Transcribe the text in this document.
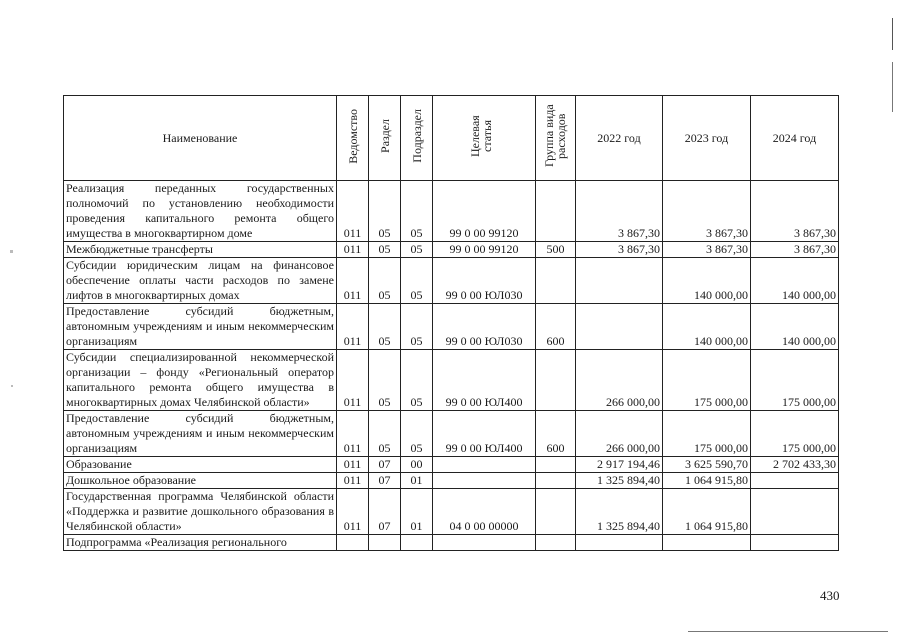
Наименование	Ведомство	Раздел	Подраздел	Целевая статья	Группа вида расходов	2022 год	2023 год	2024 год
Реализация переданных государственных полномочий по установлению необходимости проведения капитального ремонта общего имущества в многоквартирном доме	011	05	05	99 0 00 99120		3 867,30	3 867,30	3 867,30
Межбюджетные трансферты	011	05	05	99 0 00 99120	500	3 867,30	3 867,30	3 867,30
Субсидии юридическим лицам на финансовое обеспечение оплаты части расходов по замене лифтов в многоквартирных домах	011	05	05	99 0 00 ЮЛ030			140 000,00	140 000,00
Предоставление субсидий бюджетным, автономным учреждениям и иным некоммерческим организациям	011	05	05	99 0 00 ЮЛ030	600		140 000,00	140 000,00
Субсидии специализированной некоммерческой организации – фонду «Региональный оператор капитального ремонта общего имущества в многоквартирных домах Челябинской области»	011	05	05	99 0 00 ЮЛ400		266 000,00	175 000,00	175 000,00
Предоставление субсидий бюджетным, автономным учреждениям и иным некоммерческим организациям	011	05	05	99 0 00 ЮЛ400	600	266 000,00	175 000,00	175 000,00
Образование	011	07	00			2 917 194,46	3 625 590,70	2 702 433,30
Дошкольное образование	011	07	01			1 325 894,40	1 064 915,80	
Государственная программа Челябинской области «Поддержка и развитие дошкольного образования в Челябинской области»	011	07	01	04 0 00 00000		1 325 894,40	1 064 915,80	
Подпрограмма «Реализация регионального								
430
